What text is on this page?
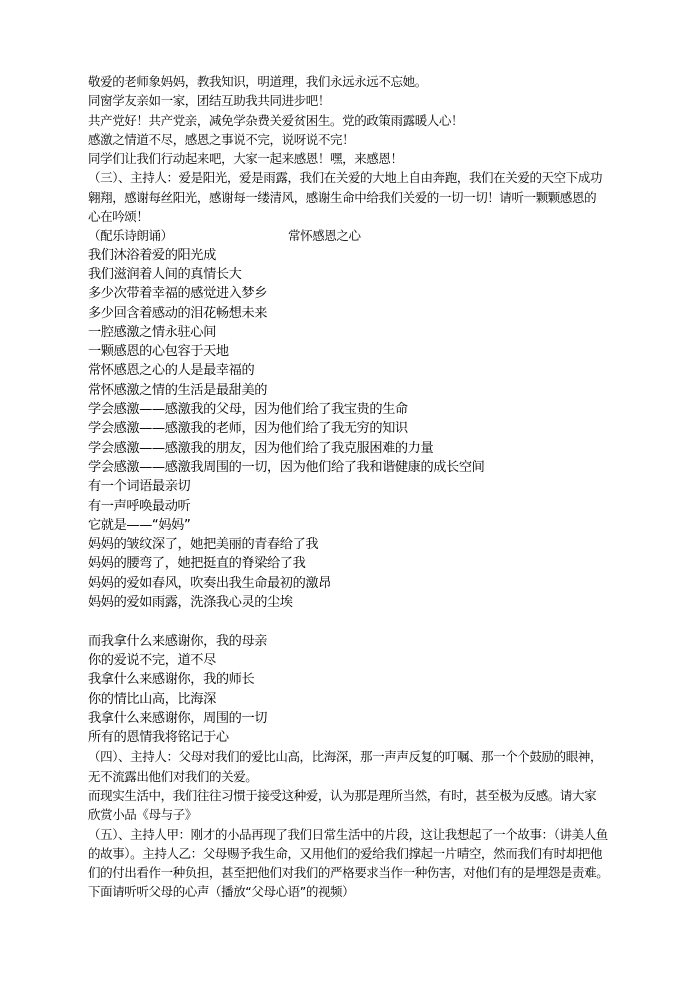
敬爱的老师象妈妈，教我知识，明道理，我们永远永远不忘她。
同窗学友亲如一家，团结互助我共同进步吧！
共产党好！共产党亲，减免学杂费关爱贫困生。党的政策雨露暖人心！
感激之情道不尽，感恩之事说不完，说呀说不完！
同学们让我们行动起来吧，大家一起来感恩！嘿，来感恩！
（三）、主持人：爱是阳光，爱是雨露，我们在关爱的大地上自由奔跑，我们在关爱的天空下成功
翱翔，感谢每丝阳光，感谢每一缕清风，感谢生命中给我们关爱的一切一切！请听一颗颗感恩的
心在吟颂！
（配乐诗朗诵）	常怀感恩之心
我们沐浴着爱的阳光成
我们滋润着人间的真情长大
多少次带着幸福的感觉进入梦乡
多少回含着感动的泪花畅想未来
一腔感激之情永驻心间
一颗感恩的心包容于天地
常怀感恩之心的人是最幸福的
常怀感激之情的生活是最甜美的
学会感激——感激我的父母，因为他们给了我宝贵的生命
学会感激——感激我的老师，因为他们给了我无穷的知识
学会感激——感激我的朋友，因为他们给了我克服困难的力量
学会感激——感激我周围的一切，因为他们给了我和谐健康的成长空间
有一个词语最亲切
有一声呼唤最动听
它就是——“妈妈”
妈妈的皱纹深了，她把美丽的青春给了我
妈妈的腰弯了，她把挺直的脊梁给了我
妈妈的爱如春风，吹奏出我生命最初的激昂
妈妈的爱如雨露，洗涤我心灵的尘埃
而我拿什么来感谢你，我的母亲
你的爱说不完，道不尽
我拿什么来感谢你，我的师长
你的情比山高，比海深
我拿什么来感谢你，周围的一切
所有的恩情我将铭记于心
（四）、主持人：父母对我们的爱比山高，比海深，那一声声反复的叮嘱、那一个个鼓励的眼神，
无不流露出他们对我们的关爱。
而现实生活中，我们往往习惯于接受这种爱，认为那是理所当然，有时，甚至极为反感。请大家
欣赏小品《母与子》
（五）、主持人甲：刚才的小品再现了我们日常生活中的片段，这让我想起了一个故事：（讲美人鱼
的故事）。主持人乙：父母赐予我生命，又用他们的爱给我们撑起一片晴空，然而我们有时却把他
们的付出看作一种负担，甚至把他们对我们的严格要求当作一种伤害，对他们有的是埋怨是责难。
下面请听听父母的心声（播放“父母心语”的视频）
